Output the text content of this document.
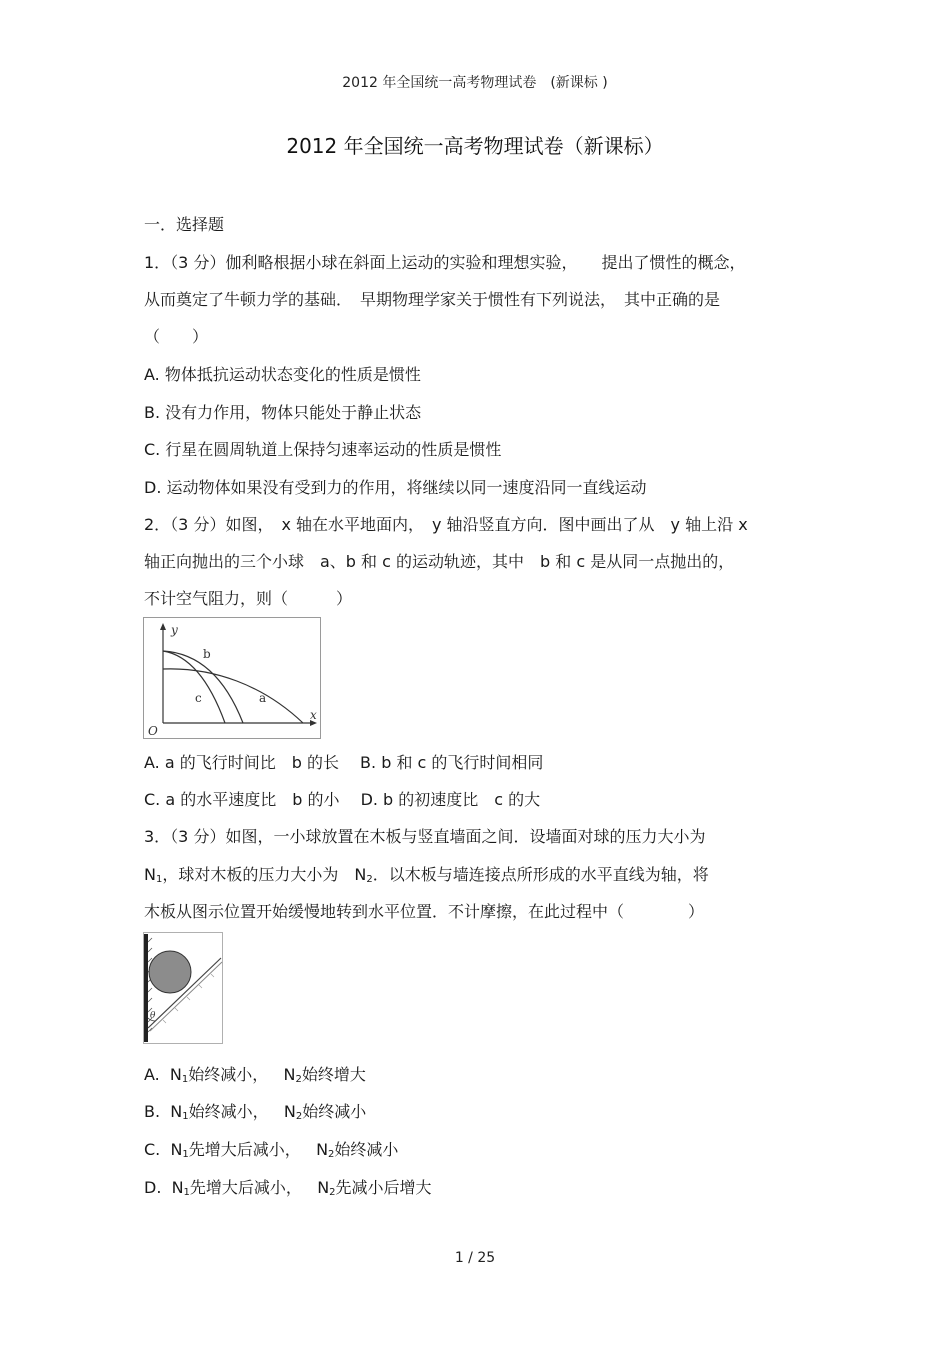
2012 年全国统一高考物理试卷　(新课标 )
2012 年全国统一高考物理试卷（新课标）
一．选择题
1．（3 分）伽利略根据小球在斜面上运动的实验和理想实验，　　提出了惯性的概念，
从而奠定了牛顿力学的基础．　早期物理学家关于惯性有下列说法，　其中正确的是
（　　）
A. 物体抵抗运动状态变化的性质是惯性
B. 没有力作用，物体只能处于静止状态
C. 行星在圆周轨道上保持匀速率运动的性质是惯性
D. 运动物体如果没有受到力的作用，将继续以同一速度沿同一直线运动
2．（3 分）如图，　x 轴在水平地面内，　y 轴沿竖直方向．图中画出了从　y 轴上沿 x
轴正向抛出的三个小球　a、b 和 c 的运动轨迹，其中　b 和 c 是从同一点抛出的，
不计空气阻力，则（　　　）
y
x
O
b
c	a
A. a 的飞行时间比　b 的长　 B. b 和 c 的飞行时间相同
C. a 的水平速度比　b 的小　 D. b 的初速度比　c 的大
3．（3 分）如图，一小球放置在木板与竖直墙面之间．设墙面对球的压力大小为
$N_1$，球对木板的压力大小为　$N_2$．以木板与墙连接点所形成的水平直线为轴，将
木板从图示位置开始缓慢地转到水平位置．不计摩擦，在此过程中（　　　　）
θ
A. $N_1$始终减小， $N_2$始终增大
B. $N_1$始终减小， $N_2$始终减小
C. $N_1$先增大后减小， $N_2$始终减小
D. $N_1$先增大后减小， $N_2$先减小后增大
1 / 25
